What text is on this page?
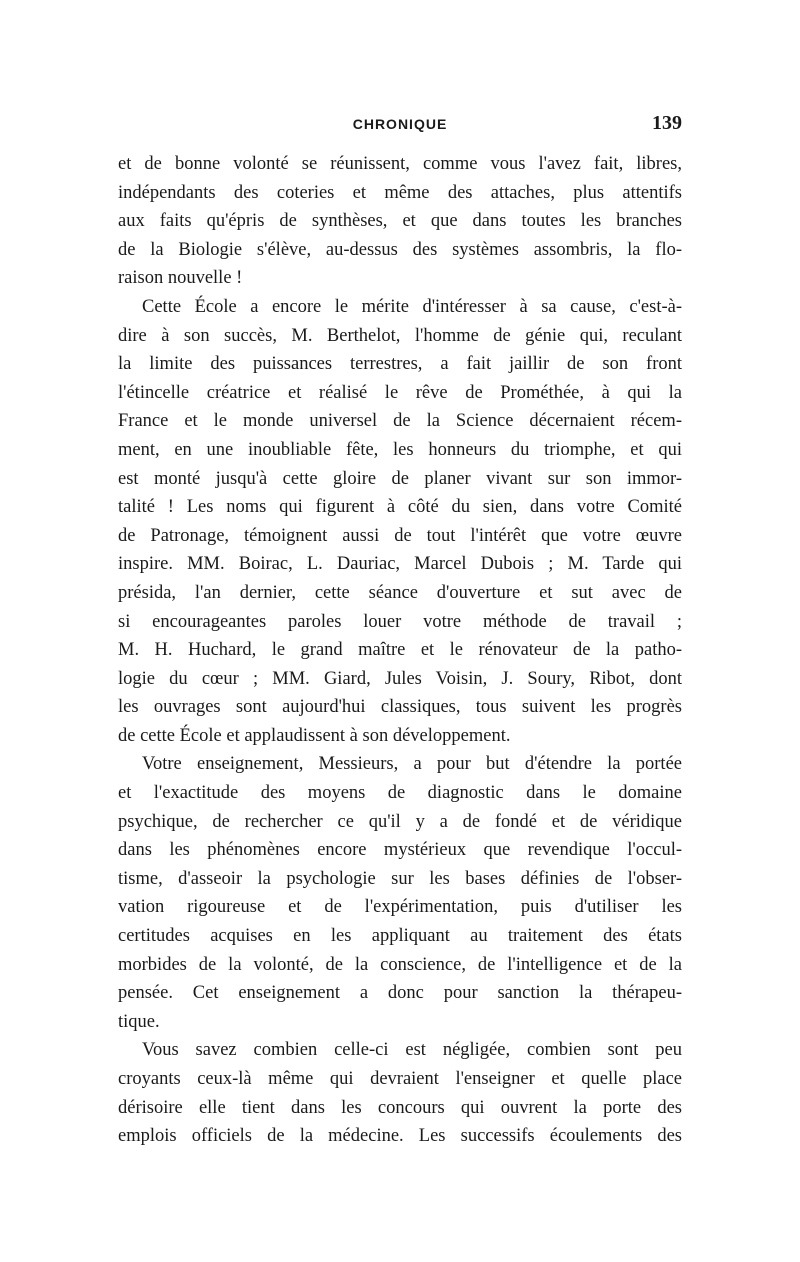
CHRONIQUE	139
et de bonne volonté se réunissent, comme vous l'avez fait, libres,
indépendants des coteries et même des attaches, plus attentifs
aux faits qu'épris de synthèses, et que dans toutes les branches
de la Biologie s'élève, au-dessus des systèmes assombris, la flo-
raison nouvelle !
Cette École a encore le mérite d'intéresser à sa cause, c'est-à-
dire à son succès, M. Berthelot, l'homme de génie qui, reculant
la limite des puissances terrestres, a fait jaillir de son front
l'étincelle créatrice et réalisé le rêve de Prométhée, à qui la
France et le monde universel de la Science décernaient récem-
ment, en une inoubliable fête, les honneurs du triomphe, et qui
est monté jusqu'à cette gloire de planer vivant sur son immor-
talité ! Les noms qui figurent à côté du sien, dans votre Comité
de Patronage, témoignent aussi de tout l'intérêt que votre œuvre
inspire. MM. Boirac, L. Dauriac, Marcel Dubois ; M. Tarde qui
présida, l'an dernier, cette séance d'ouverture et sut avec de
si encourageantes paroles louer votre méthode de travail ;
M. H. Huchard, le grand maître et le rénovateur de la patho-
logie du cœur ; MM. Giard, Jules Voisin, J. Soury, Ribot, dont
les ouvrages sont aujourd'hui classiques, tous suivent les progrès
de cette École et applaudissent à son développement.
Votre enseignement, Messieurs, a pour but d'étendre la portée
et l'exactitude des moyens de diagnostic dans le domaine
psychique, de rechercher ce qu'il y a de fondé et de véridique
dans les phénomènes encore mystérieux que revendique l'occul-
tisme, d'asseoir la psychologie sur les bases définies de l'obser-
vation rigoureuse et de l'expérimentation, puis d'utiliser les
certitudes acquises en les appliquant au traitement des états
morbides de la volonté, de la conscience, de l'intelligence et de la
pensée. Cet enseignement a donc pour sanction la thérapeu-
tique.
Vous savez combien celle-ci est négligée, combien sont peu
croyants ceux-là même qui devraient l'enseigner et quelle place
dérisoire elle tient dans les concours qui ouvrent la porte des
emplois officiels de la médecine. Les successifs écoulements des
